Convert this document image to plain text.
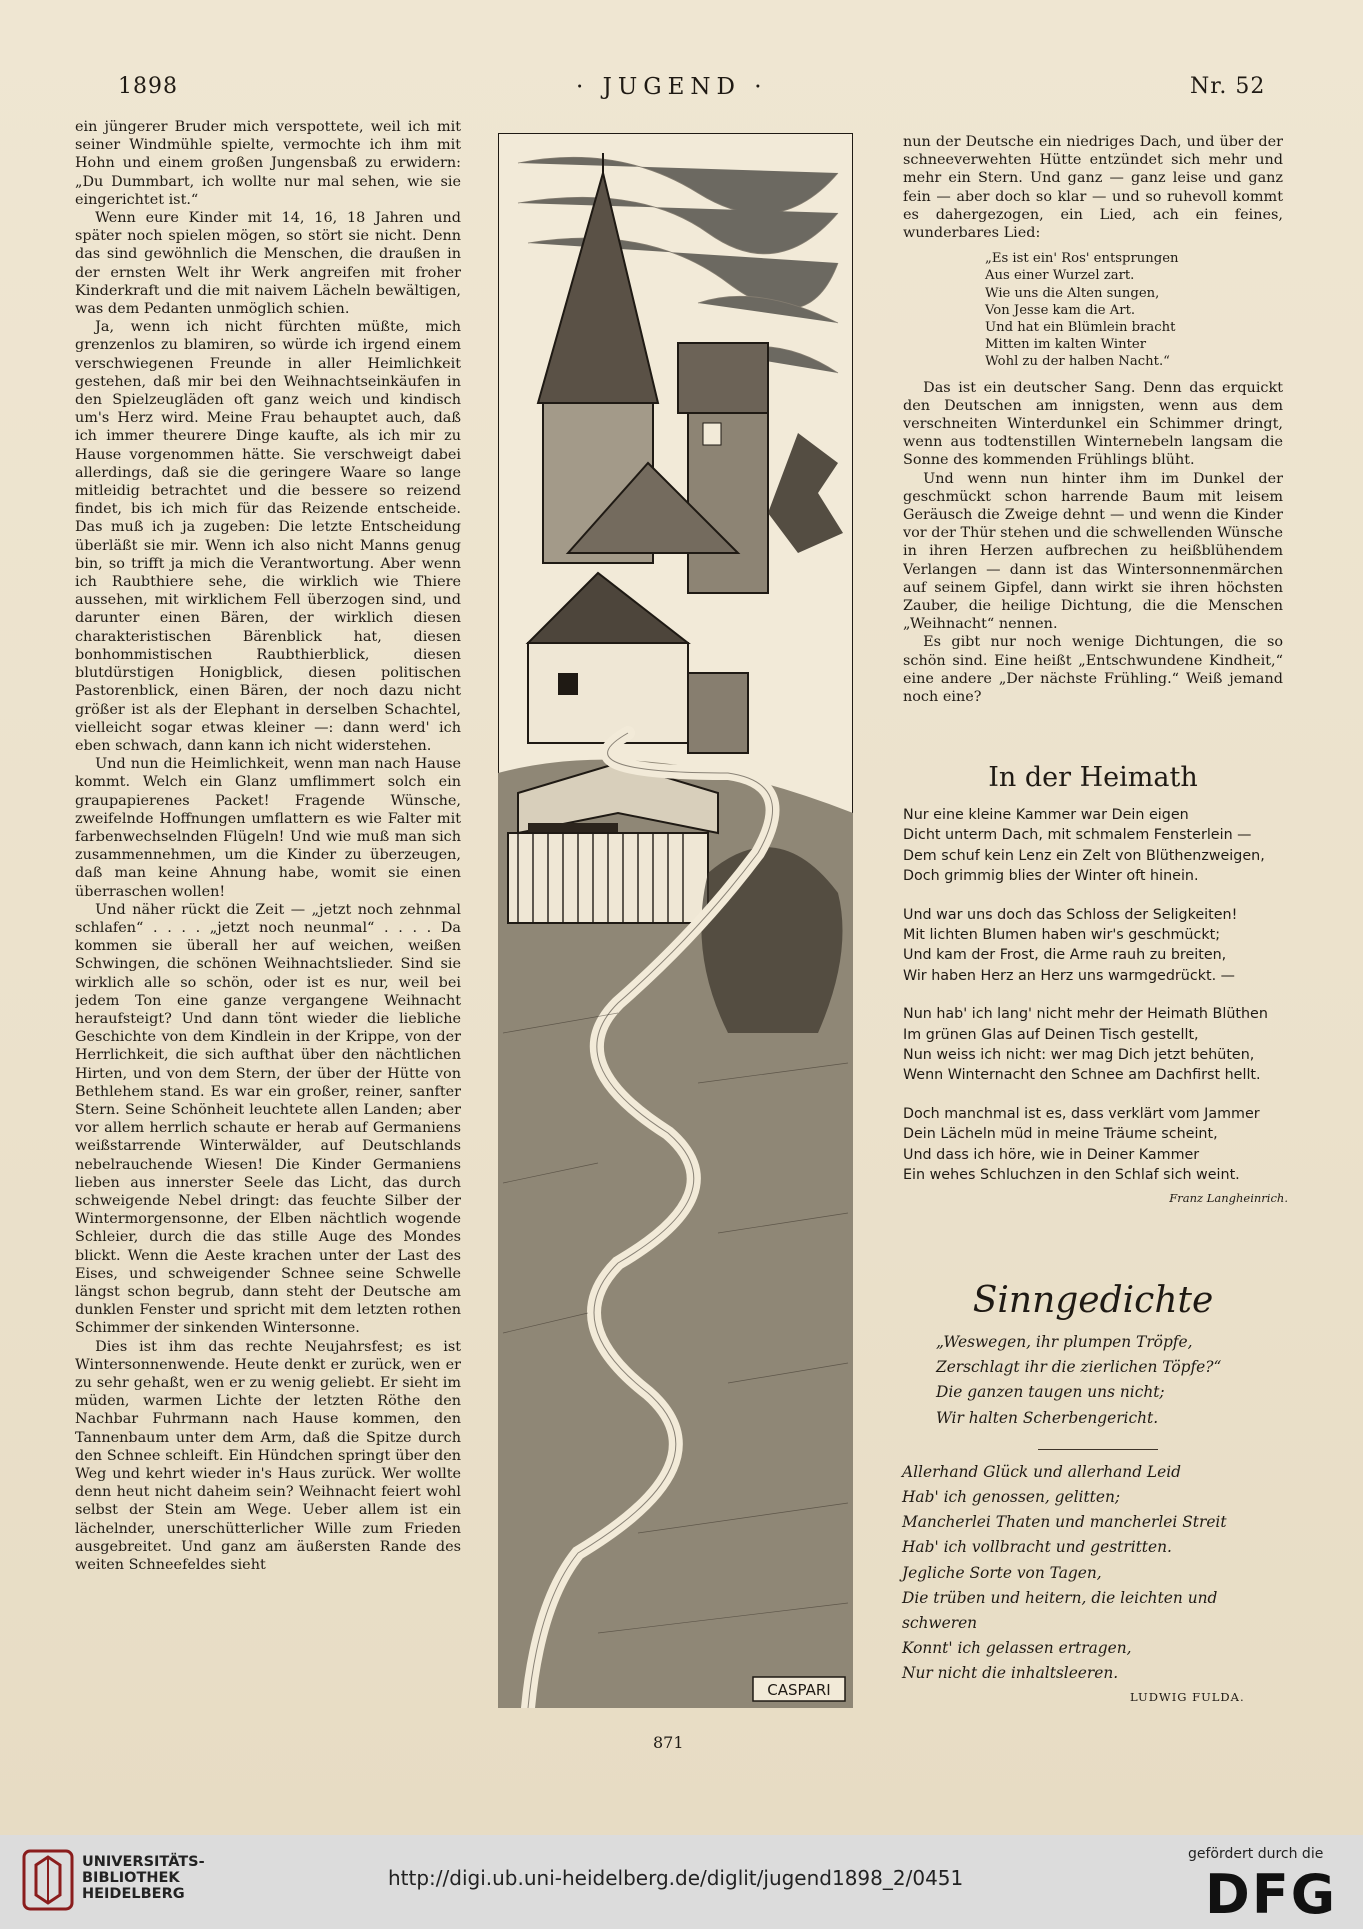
1898	· JUGEND ·	Nr. 52

ein jüngerer Bruder mich verspottete, weil ich mit seiner Windmühle spielte, vermochte ich ihm mit Hohn und einem großen Jungensbaß zu erwidern: „Du Dummbart, ich wollte nur mal sehen, wie sie eingerichtet ist.“

Wenn eure Kinder mit 14, 16, 18 Jahren und später noch spielen mögen, so stört sie nicht. Denn das sind gewöhnlich die Menschen, die draußen in der ernsten Welt ihr Werk angreifen mit froher Kinderkraft und die mit naivem Lächeln bewältigen, was dem Pedanten unmöglich schien.

Ja, wenn ich nicht fürchten müßte, mich grenzenlos zu blamiren, so würde ich irgend einem verschwiegenen Freunde in aller Heimlichkeit gestehen, daß mir bei den Weihnachtseinkäufen in den Spielzeugläden oft ganz weich und kindisch um's Herz wird. Meine Frau behauptet auch, daß ich immer theurere Dinge kaufte, als ich mir zu Hause vorgenommen hätte. Sie verschweigt dabei allerdings, daß sie die geringere Waare so lange mitleidig betrachtet und die bessere so reizend findet, bis ich mich für das Reizende entscheide. Das muß ich ja zugeben: Die letzte Entscheidung überläßt sie mir. Wenn ich also nicht Manns genug bin, so trifft ja mich die Verantwortung. Aber wenn ich Raubthiere sehe, die wirklich wie Thiere aussehen, mit wirklichem Fell überzogen sind, und darunter einen Bären, der wirklich diesen charakteristischen Bärenblick hat, diesen bonhommistischen Raubthierblick, diesen blutdürstigen Honigblick, diesen politischen Pastorenblick, einen Bären, der noch dazu nicht größer ist als der Elephant in derselben Schachtel, vielleicht sogar etwas kleiner —: dann werd' ich eben schwach, dann kann ich nicht widerstehen.

Und nun die Heimlichkeit, wenn man nach Hause kommt. Welch ein Glanz umflimmert solch ein graupapierenes Packet! Fragende Wünsche, zweifelnde Hoffnungen umflattern es wie Falter mit farbenwechselnden Flügeln! Und wie muß man sich zusammennehmen, um die Kinder zu überzeugen, daß man keine Ahnung habe, womit sie einen überraschen wollen!

Und näher rückt die Zeit — „jetzt noch zehnmal schlafen“ . . . . „jetzt noch neunmal“ . . . . Da kommen sie überall her auf weichen, weißen Schwingen, die schönen Weihnachtslieder. Sind sie wirklich alle so schön, oder ist es nur, weil bei jedem Ton eine ganze vergangene Weihnacht heraufsteigt? Und dann tönt wieder die liebliche Geschichte von dem Kindlein in der Krippe, von der Herrlichkeit, die sich aufthat über den nächtlichen Hirten, und von dem Stern, der über der Hütte von Bethlehem stand. Es war ein großer, reiner, sanfter Stern. Seine Schönheit leuchtete allen Landen; aber vor allem herrlich schaute er herab auf Germaniens weißstarrende Winterwälder, auf Deutschlands nebelrauchende Wiesen! Die Kinder Germaniens lieben aus innerster Seele das Licht, das durch schweigende Nebel dringt: das feuchte Silber der Wintermorgensonne, der Elben nächtlich wogende Schleier, durch die das stille Auge des Mondes blickt. Wenn die Aeste krachen unter der Last des Eises, und schweigender Schnee seine Schwelle längst schon begrub, dann steht der Deutsche am dunklen Fenster und spricht mit dem letzten rothen Schimmer der sinkenden Wintersonne.

Dies ist ihm das rechte Neujahrsfest; es ist Wintersonnenwende. Heute denkt er zurück, wen er zu sehr gehaßt, wen er zu wenig geliebt. Er sieht im müden, warmen Lichte der letzten Röthe den Nachbar Fuhrmann nach Hause kommen, den Tannenbaum unter dem Arm, daß die Spitze durch den Schnee schleift. Ein Hündchen springt über den Weg und kehrt wieder in's Haus zurück. Wer wollte denn heut nicht daheim sein? Weihnacht feiert wohl selbst der Stein am Wege. Ueber allem ist ein lächelnder, unerschütterlicher Wille zum Frieden ausgebreitet. Und ganz am äußersten Rande des weiten Schneefeldes sieht

CASPARI

nun der Deutsche ein niedriges Dach, und über der schneeverwehten Hütte entzündet sich mehr und mehr ein Stern. Und ganz — ganz leise und ganz fein — aber doch so klar — und so ruhevoll kommt es dahergezogen, ein Lied, ach ein feines, wunderbares Lied:

„Es ist ein' Ros' entsprungen
Aus einer Wurzel zart.
Wie uns die Alten sungen,
Von Jesse kam die Art.
Und hat ein Blümlein bracht
Mitten im kalten Winter
Wohl zu der halben Nacht.“

Das ist ein deutscher Sang. Denn das erquickt den Deutschen am innigsten, wenn aus dem verschneiten Winterdunkel ein Schimmer dringt, wenn aus todtenstillen Winternebeln langsam die Sonne des kommenden Frühlings blüht.

Und wenn nun hinter ihm im Dunkel der geschmückt schon harrende Baum mit leisem Geräusch die Zweige dehnt — und wenn die Kinder vor der Thür stehen und die schwellenden Wünsche in ihren Herzen aufbrechen zu heißblühendem Verlangen — dann ist das Wintersonnenmärchen auf seinem Gipfel, dann wirkt sie ihren höchsten Zauber, die heilige Dichtung, die die Menschen „Weihnacht“ nennen.

Es gibt nur noch wenige Dichtungen, die so schön sind. Eine heißt „Entschwundene Kindheit,“ eine andere „Der nächste Frühling.“ Weiß jemand noch eine?

In der Heimath
Nur eine kleine Kammer war Dein eigen
Dicht unterm Dach, mit schmalem Fensterlein —
Dem schuf kein Lenz ein Zelt von Blüthenzweigen,
Doch grimmig blies der Winter oft hinein.
Und war uns doch das Schloss der Seligkeiten!
Mit lichten Blumen haben wir's geschmückt;
Und kam der Frost, die Arme rauh zu breiten,
Wir haben Herz an Herz uns warmgedrückt. —
Nun hab' ich lang' nicht mehr der Heimath Blüthen
Im grünen Glas auf Deinen Tisch gestellt,
Nun weiss ich nicht: wer mag Dich jetzt behüten,
Wenn Winternacht den Schnee am Dachfirst hellt.
Doch manchmal ist es, dass verklärt vom Jammer
Dein Lächeln müd in meine Träume scheint,
Und dass ich höre, wie in Deiner Kammer
Ein wehes Schluchzen in den Schlaf sich weint.
Franz Langheinrich.
Sinngedichte
„Weswegen, ihr plumpen Tröpfe,
Zerschlagt ihr die zierlichen Töpfe?“
Die ganzen taugen uns nicht;
Wir halten Scherbengericht.
Allerhand Glück und allerhand Leid
Hab' ich genossen, gelitten;
Mancherlei Thaten und mancherlei Streit
Hab' ich vollbracht und gestritten.
Jegliche Sorte von Tagen,
Die trüben und heitern, die leichten und schweren
Konnt' ich gelassen ertragen,
Nur nicht die inhaltsleeren.
LUDWIG FULDA.
871
UNIVERSITÄTS-
BIBLIOTHEK
HEIDELBERG
http://digi.ub.uni-heidelberg.de/diglit/jugend1898_2/0451
gefördert durch die
DFG
